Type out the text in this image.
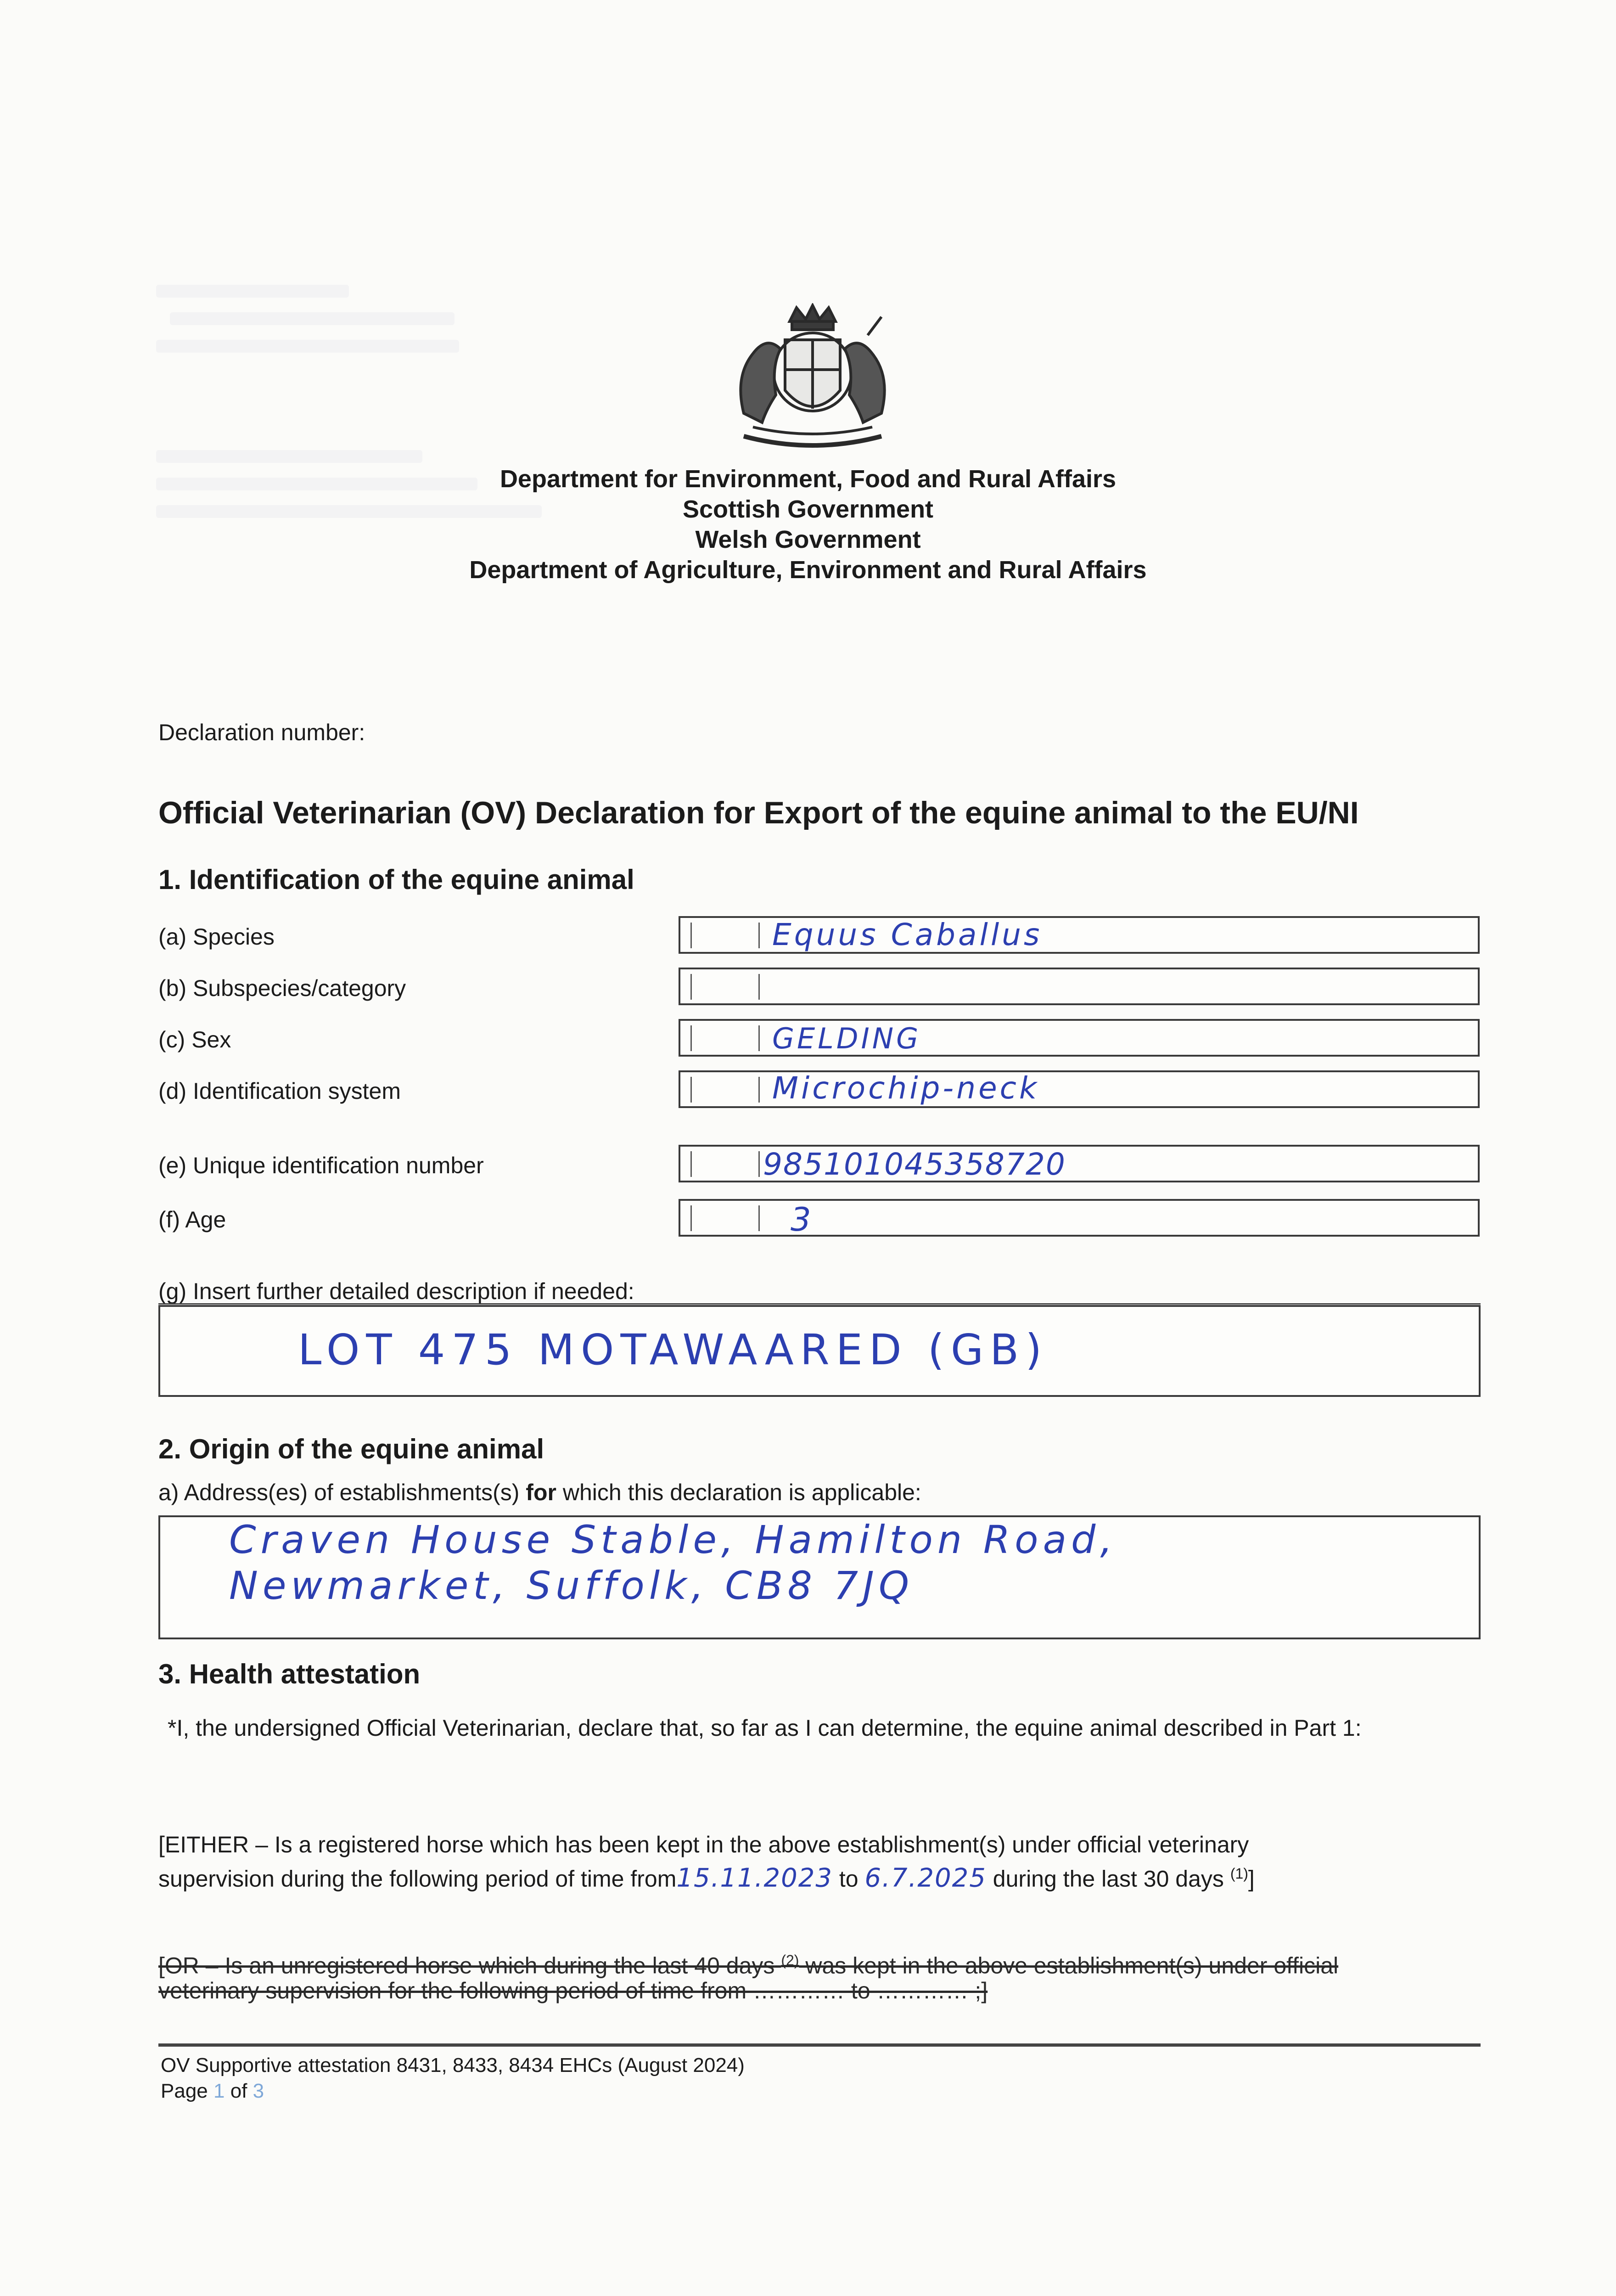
Department for Environment, Food and Rural Affairs
Scottish Government
Welsh Government
Department of Agriculture, Environment and Rural Affairs
Declaration number:
Official Veterinarian (OV) Declaration for Export of the equine animal to the EU/NI
1. Identification of the equine animal
(a) Species	Equus Caballus
(b) Subspecies/category
(c) Sex	GELDING
(d) Identification system	Microchip-neck
(e) Unique identification number	985101045358720
(f) Age	3
(g) Insert further detailed description if needed:
LOT 475 MOTAWAARED (GB)
2. Origin of the equine animal
a) Address(es) of establishments(s) for which this declaration is applicable:
Craven House Stable, Hamilton Road,
Newmarket, Suffolk, CB8 7JQ
3. Health attestation
*I, the undersigned Official Veterinarian, declare that, so far as I can determine, the equine animal described in Part 1:
[EITHER – Is a registered horse which has been kept in the above establishment(s) under official veterinary
supervision during the following period of time from15.11.2023 to 6.7.2025 during the last 30 days $^{(1)}$]
[OR – Is an unregistered horse which during the last 40 days $^{(2)}$ was kept in the above establishment(s) under official
veterinary supervision for the following period of time from ………… to ………… ;]
OV Supportive attestation 8431, 8433, 8434 EHCs (August 2024)
Page 1 of 3
